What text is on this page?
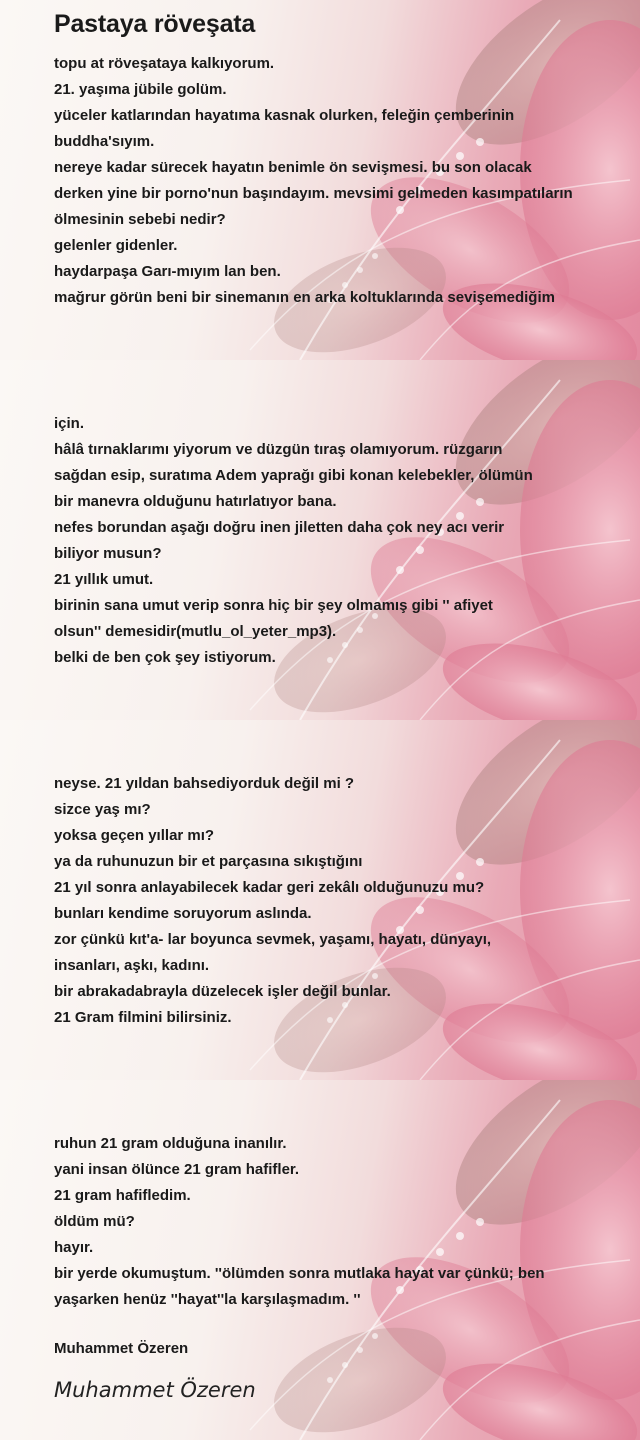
Pastaya röveşata
topu at röveşataya kalkıyorum.
21. yaşıma jübile golüm.
yüceler katlarından hayatıma kasnak olurken, feleğin çemberinin
buddha'sıyım.
nereye kadar sürecek hayatın benimle ön sevişmesi. bu son olacak
derken yine bir porno'nun başındayım. mevsimi gelmeden kasımpatıların
ölmesinin sebebi nedir?
gelenler gidenler.
haydarpaşa Garı-mıyım lan ben.
mağrur görün beni bir sinemanın en arka koltuklarında sevişemediğim
için.
hâlâ tırnaklarımı yiyorum ve düzgün tıraş olamıyorum. rüzgarın
sağdan esip, suratıma Adem yaprağı gibi konan kelebekler, ölümün
bir manevra olduğunu hatırlatıyor bana.
nefes borundan aşağı doğru inen jiletten daha çok ney acı verir
biliyor musun?
21 yıllık umut.
birinin sana umut verip sonra hiç bir şey olmamış gibi '' afiyet
olsun'' demesidir(mutlu_ol_yeter_mp3).
belki de ben çok şey istiyorum.
neyse. 21 yıldan bahsediyorduk değil mi ?
sizce yaş mı?
yoksa geçen yıllar mı?
ya da ruhunuzun bir et parçasına sıkıştığını
21 yıl sonra anlayabilecek kadar geri zekâlı olduğunuzu mu?
bunları kendime soruyorum aslında.
zor çünkü kıt'a- lar boyunca sevmek, yaşamı, hayatı, dünyayı,
insanları, aşkı, kadını.
bir abrakadabrayla düzelecek işler değil bunlar.
21 Gram filmini bilirsiniz.
ruhun 21 gram olduğuna inanılır.
yani insan ölünce 21 gram hafifler.
21 gram hafifledim.
öldüm mü?
hayır.
bir yerde okumuştum. ''ölümden sonra mutlaka hayat var çünkü; ben
yaşarken henüz ''hayat''la karşılaşmadım. ''
Muhammet Özeren
Muhammet Özeren
